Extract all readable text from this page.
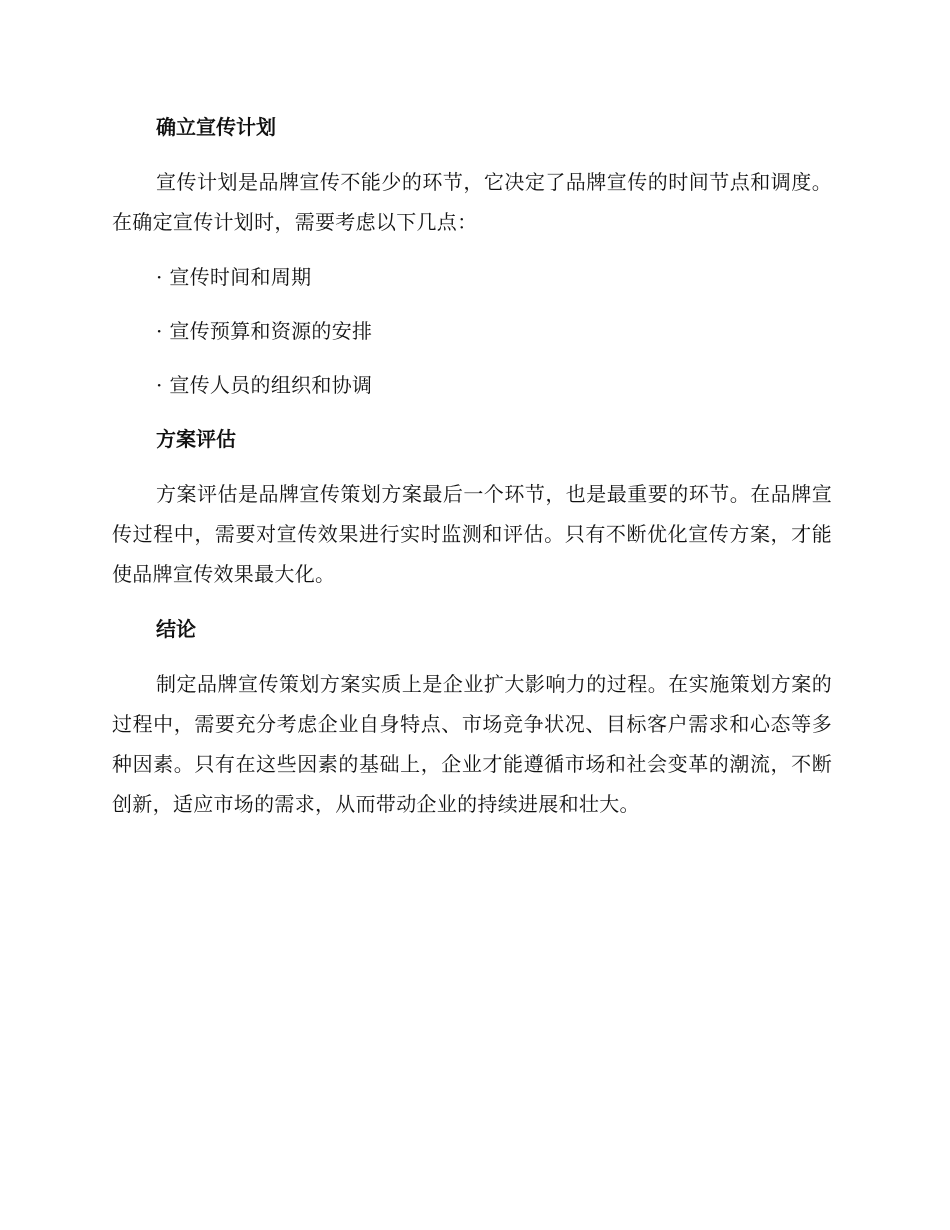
确立宣传计划

宣传计划是品牌宣传不能少的环节，它决定了品牌宣传的时间节点和调度。在确定宣传计划时，需要考虑以下几点：

· 宣传时间和周期

· 宣传预算和资源的安排

· 宣传人员的组织和协调

方案评估

方案评估是品牌宣传策划方案最后一个环节，也是最重要的环节。在品牌宣传过程中，需要对宣传效果进行实时监测和评估。只有不断优化宣传方案，才能使品牌宣传效果最大化。

结论

制定品牌宣传策划方案实质上是企业扩大影响力的过程。在实施策划方案的过程中，需要充分考虑企业自身特点、市场竞争状况、目标客户需求和心态等多种因素。只有在这些因素的基础上，企业才能遵循市场和社会变革的潮流，不断创新，适应市场的需求，从而带动企业的持续进展和壮大。
